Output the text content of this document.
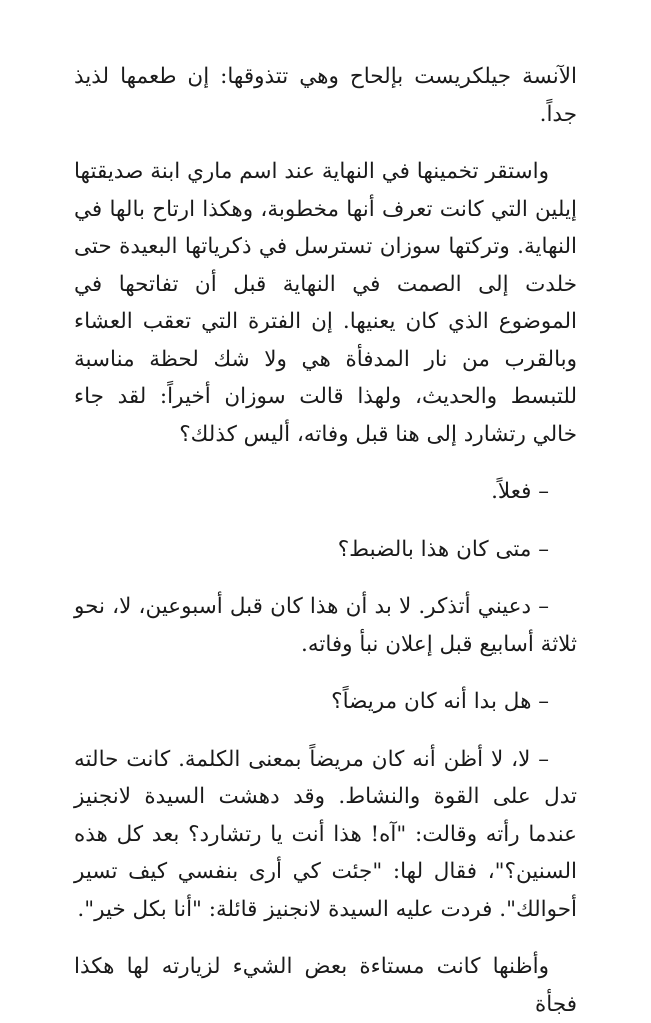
الآنسة جيلكريست بإلحاح وهي تتذوقها: إن طعمها لذيذ جداً.

واستقر تخمينها في النهاية عند اسم ماري ابنة صديقتها إيلين التي كانت تعرف أنها مخطوبة، وهكذا ارتاح بالها في النهاية. وتركتها سوزان تسترسل في ذكرياتها البعيدة حتى خلدت إلى الصمت في النهاية قبل أن تفاتحها في الموضوع الذي كان يعنيها. إن الفترة التي تعقب العشاء وبالقرب من نار المدفأة هي ولا شك لحظة مناسبة للتبسط والحديث، ولهذا قالت سوزان أخيراً: لقد جاء خالي رتشارد إلى هنا قبل وفاته، أليس كذلك؟

– فعلاً.

– متى كان هذا بالضبط؟

– دعيني أتذكر. لا بد أن هذا كان قبل أسبوعين، لا، نحو ثلاثة أسابيع قبل إعلان نبأ وفاته.

– هل بدا أنه كان مريضاً؟

– لا، لا أظن أنه كان مريضاً بمعنى الكلمة. كانت حالته تدل على القوة والنشاط. وقد دهشت السيدة لانجنيز عندما رأته وقالت: "آه! هذا أنت يا رتشارد؟ بعد كل هذه السنين؟"، فقال لها: "جئت كي أرى بنفسي كيف تسير أحوالك". فردت عليه السيدة لانجنيز قائلة: "أنا بكل خير".

وأظنها كانت مستاءة بعض الشيء لزيارته لها هكذا فجأة
